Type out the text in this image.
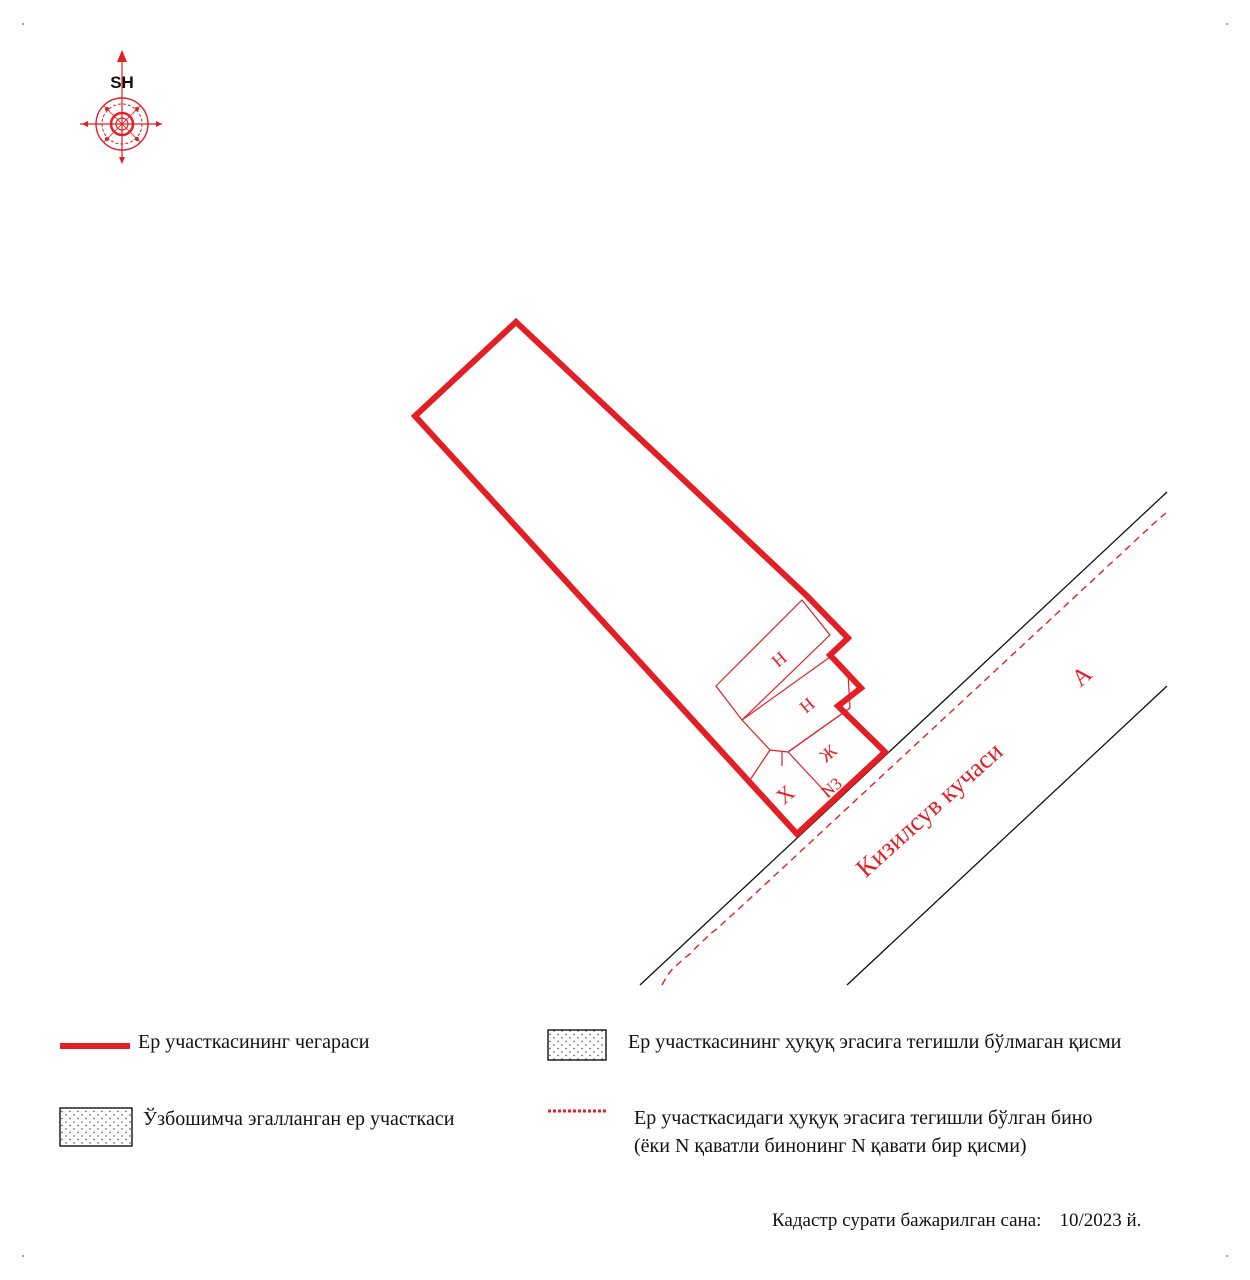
SH
Н
Н
Ж
N3
Х Кизилсув кучаси
А
Ер участкасининг чегараси	Ер участкасининг ҳуқуқ эгасига тегишли бўлмаган қисми
Ўзбошимча эгалланган ер участкаси	Ер участкасидаги ҳуқуқ эгасига тегишли бўлган бино
(ёки N қаватли бинонинг N қавати бир қисми)
Кадастр сурати бажарилган сана: 10/2023 й.
